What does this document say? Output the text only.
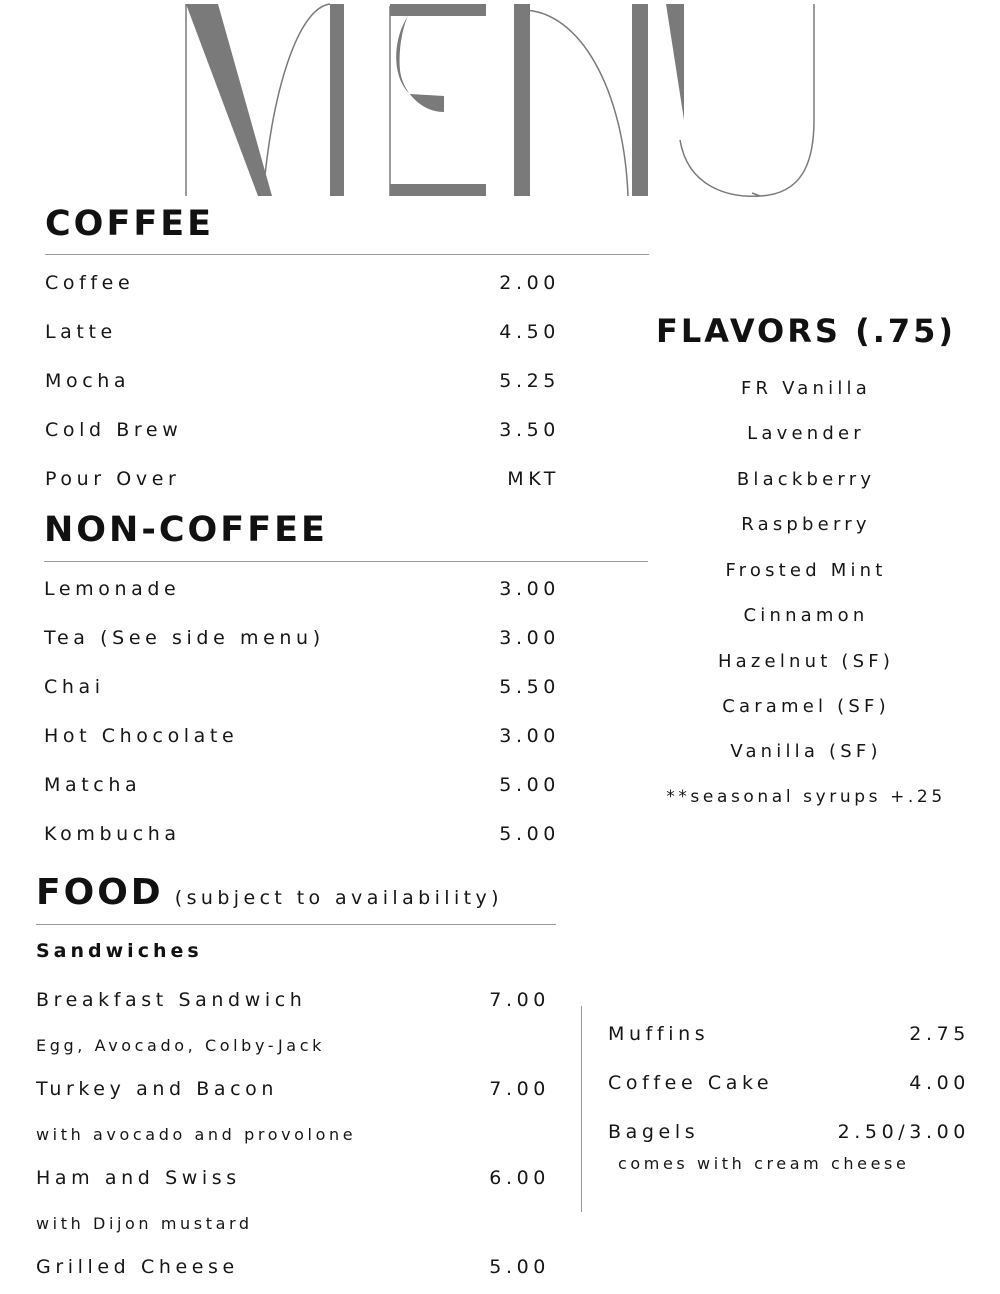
COFFEE
Coffee	2.00
Latte	4.50
Mocha	5.25
Cold Brew	3.50
Pour Over	MKT
NON-COFFEE
Lemonade	3.00
Tea (See side menu)	3.00
Chai	5.50
Hot Chocolate	3.00
Matcha	5.00
Kombucha	5.00
FLAVORS (.75)
FR Vanilla
Lavender
Blackberry
Raspberry
Frosted Mint
Cinnamon
Hazelnut (SF)
Caramel (SF)
Vanilla (SF)
**seasonal syrups +.25
FOOD (subject to availability)
Sandwiches
Breakfast Sandwich	7.00
Egg, Avocado, Colby-Jack
Turkey and Bacon	7.00
with avocado and provolone
Ham and Swiss	6.00
with Dijon mustard
Grilled Cheese	5.00
Muffins	2.75
Coffee Cake	4.00
Bagels	2.50/3.00
comes with cream cheese
